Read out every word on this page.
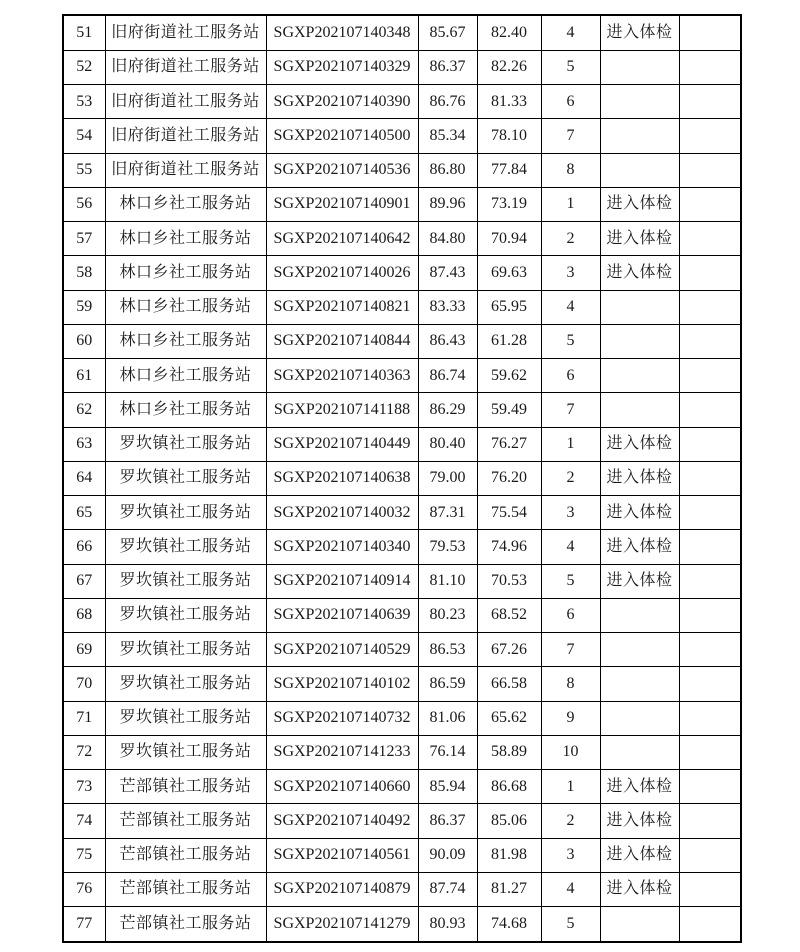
51	旧府街道社工服务站	SGXP202107140348	85.67	82.40	4	进入体检	
52	旧府街道社工服务站	SGXP202107140329	86.37	82.26	5		
53	旧府街道社工服务站	SGXP202107140390	86.76	81.33	6		
54	旧府街道社工服务站	SGXP202107140500	85.34	78.10	7		
55	旧府街道社工服务站	SGXP202107140536	86.80	77.84	8		
56	林口乡社工服务站	SGXP202107140901	89.96	73.19	1	进入体检	
57	林口乡社工服务站	SGXP202107140642	84.80	70.94	2	进入体检	
58	林口乡社工服务站	SGXP202107140026	87.43	69.63	3	进入体检	
59	林口乡社工服务站	SGXP202107140821	83.33	65.95	4		
60	林口乡社工服务站	SGXP202107140844	86.43	61.28	5		
61	林口乡社工服务站	SGXP202107140363	86.74	59.62	6		
62	林口乡社工服务站	SGXP202107141188	86.29	59.49	7		
63	罗坎镇社工服务站	SGXP202107140449	80.40	76.27	1	进入体检	
64	罗坎镇社工服务站	SGXP202107140638	79.00	76.20	2	进入体检	
65	罗坎镇社工服务站	SGXP202107140032	87.31	75.54	3	进入体检	
66	罗坎镇社工服务站	SGXP202107140340	79.53	74.96	4	进入体检	
67	罗坎镇社工服务站	SGXP202107140914	81.10	70.53	5	进入体检	
68	罗坎镇社工服务站	SGXP202107140639	80.23	68.52	6		
69	罗坎镇社工服务站	SGXP202107140529	86.53	67.26	7		
70	罗坎镇社工服务站	SGXP202107140102	86.59	66.58	8		
71	罗坎镇社工服务站	SGXP202107140732	81.06	65.62	9		
72	罗坎镇社工服务站	SGXP202107141233	76.14	58.89	10		
73	芒部镇社工服务站	SGXP202107140660	85.94	86.68	1	进入体检	
74	芒部镇社工服务站	SGXP202107140492	86.37	85.06	2	进入体检	
75	芒部镇社工服务站	SGXP202107140561	90.09	81.98	3	进入体检	
76	芒部镇社工服务站	SGXP202107140879	87.74	81.27	4	进入体检	
77	芒部镇社工服务站	SGXP202107141279	80.93	74.68	5		
